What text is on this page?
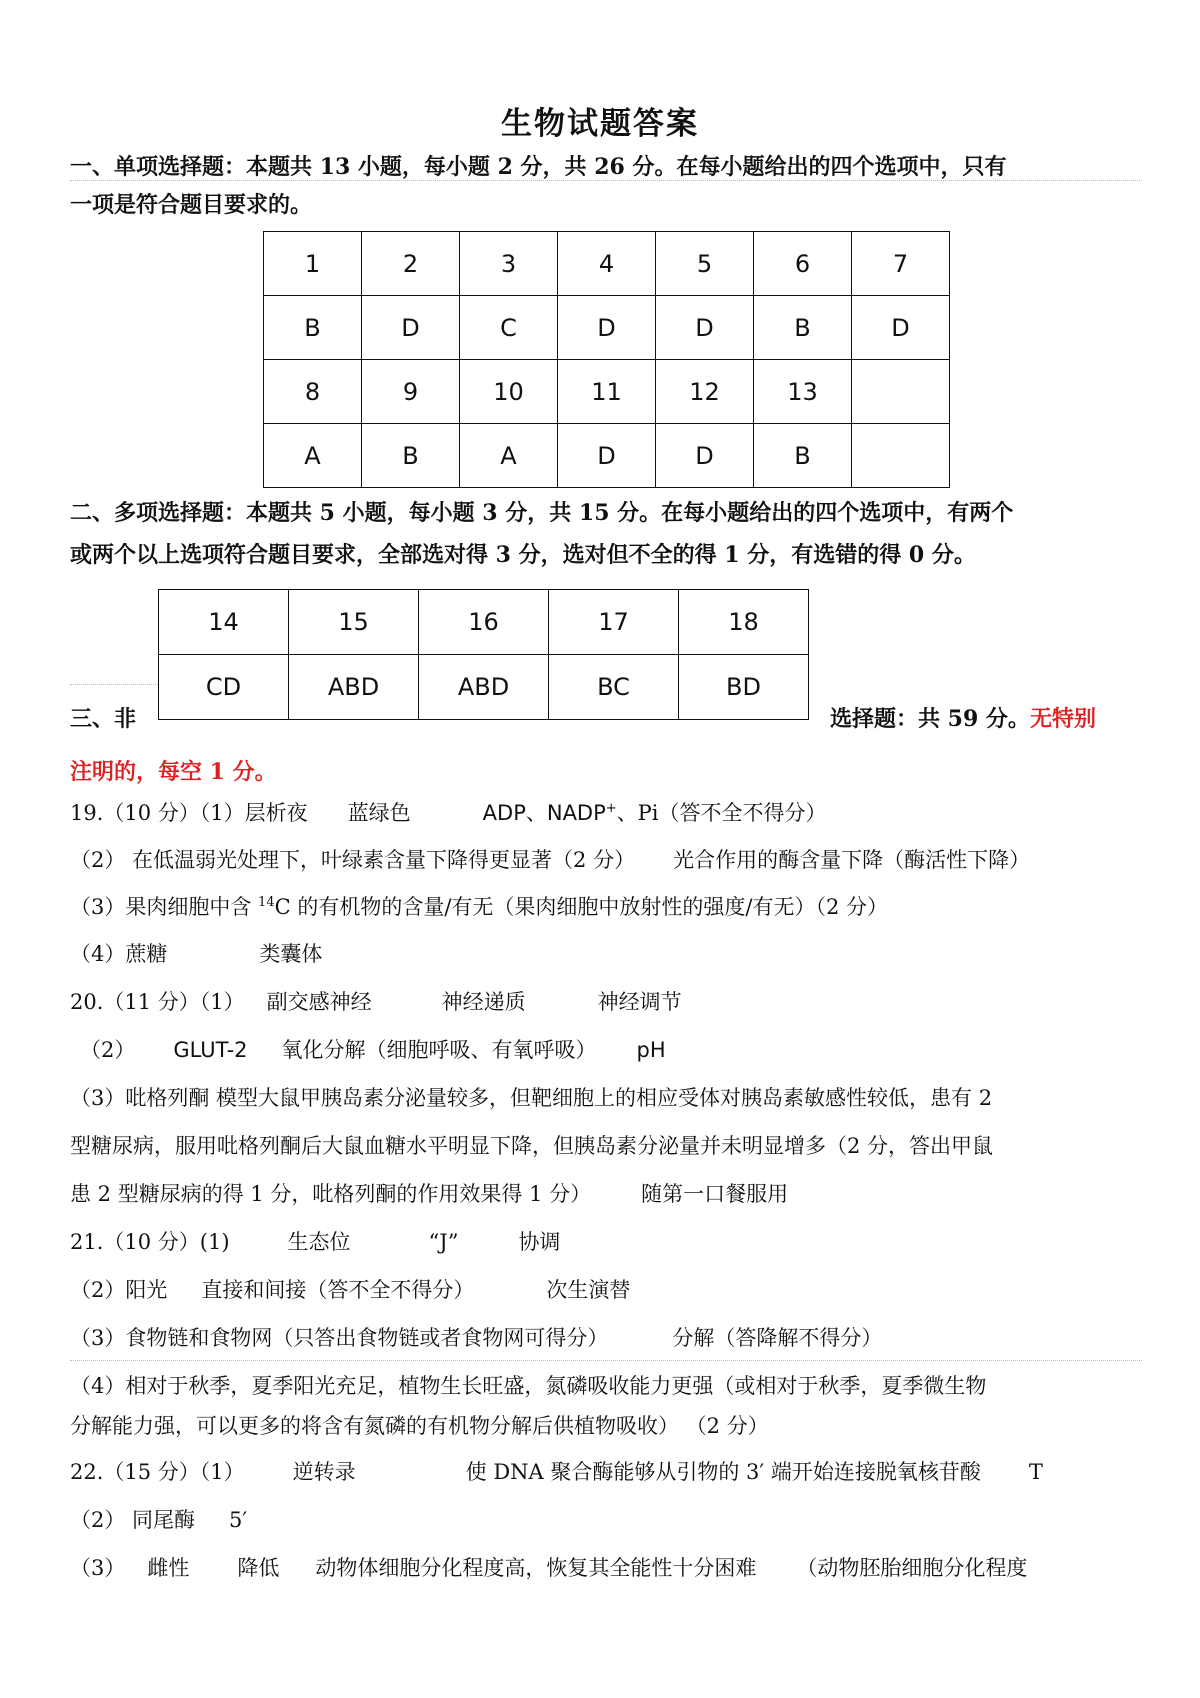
生物试题答案
一、单项选择题：本题共 13 小题，每小题 2 分，共 26 分。在每小题给出的四个选项中，只有
一项是符合题目要求的。
1	2	3	4	5	6	7
B	D	C	D	D	B	D
8	9	10	11	12	13	
A	B	A	D	D	B	
二、多项选择题：本题共 5 小题，每小题 3 分，共 15 分。在每小题给出的四个选项中，有两个
或两个以上选项符合题目要求，全部选对得 3 分，选对但不全的得 1 分，有选错的得 0 分。
14	15	16	17	18
CD	ABD	ABD	BC	BD
三、非	选择题：共 59 分。无特别
注明的，每空 1 分。
19.（10 分）（1）层析夜 蓝绿色	ADP、NADP+、Pi（答不全不得分）
（2） 在低温弱光处理下，叶绿素含量下降得更显著（2 分） 光合作用的酶含量下降（酶活性下降）
（3）果肉细胞中含 $^{14}$C 的有机物的含量/有无（果肉细胞中放射性的强度/有无）（2 分）
（4）蔗糖	类囊体
20.（11 分）（1） 副交感神经	神经递质	神经调节
（2） GLUT-2 氧化分解（细胞呼吸、有氧呼吸） pH
（3）吡格列酮 模型大鼠甲胰岛素分泌量较多，但靶细胞上的相应受体对胰岛素敏感性较低，患有 2
型糖尿病，服用吡格列酮后大鼠血糖水平明显下降，但胰岛素分泌量并未明显增多（2 分，答出甲鼠
患 2 型糖尿病的得 1 分，吡格列酮的作用效果得 1 分） 随第一口餐服用
21.（10 分）(1)	生态位	“J”	协调
（2）阳光 直接和间接（答不全不得分）	次生演替
（3）食物链和食物网（只答出食物链或者食物网可得分）	分解（答降解不得分）
（4）相对于秋季，夏季阳光充足，植物生长旺盛，氮磷吸收能力更强（或相对于秋季，夏季微生物
分解能力强，可以更多的将含有氮磷的有机物分解后供植物吸收） （2 分）
22.（15 分）（1） 逆转录	使 DNA 聚合酶能够从引物的 3′ 端开始连接脱氧核苷酸 T
（2） 同尾酶 5′
（3） 雌性 降低 动物体细胞分化程度高，恢复其全能性十分困难 （动物胚胎细胞分化程度
